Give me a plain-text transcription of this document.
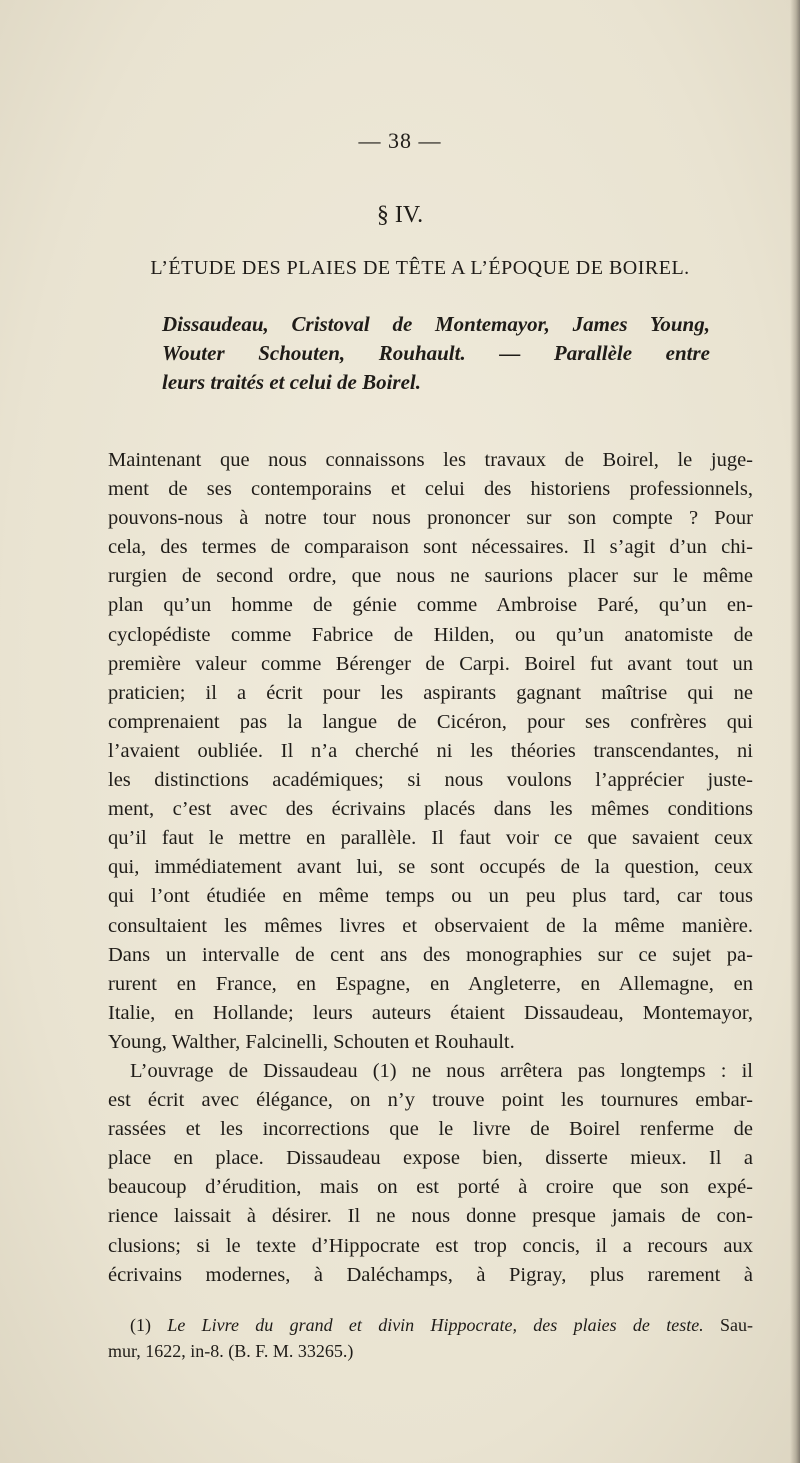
— 38 —
§ IV.
L’ÉTUDE DES PLAIES DE TÊTE A L’ÉPOQUE DE BOIREL.
Dissaudeau, Cristoval de Montemayor, James Young,
Wouter Schouten, Rouhault. — Parallèle entre
leurs traités et celui de Boirel.
Maintenant que nous connaissons les travaux de Boirel, le juge-
ment de ses contemporains et celui des historiens professionnels,
pouvons-nous à notre tour nous prononcer sur son compte ? Pour
cela, des termes de comparaison sont nécessaires. Il s’agit d’un chi-
rurgien de second ordre, que nous ne saurions placer sur le même
plan qu’un homme de génie comme Ambroise Paré, qu’un en-
cyclopédiste comme Fabrice de Hilden, ou qu’un anatomiste de
première valeur comme Bérenger de Carpi. Boirel fut avant tout un
praticien; il a écrit pour les aspirants gagnant maîtrise qui ne
comprenaient pas la langue de Cicéron, pour ses confrères qui
l’avaient oubliée. Il n’a cherché ni les théories transcendantes, ni
les distinctions académiques; si nous voulons l’apprécier juste-
ment, c’est avec des écrivains placés dans les mêmes conditions
qu’il faut le mettre en parallèle. Il faut voir ce que savaient ceux
qui, immédiatement avant lui, se sont occupés de la question, ceux
qui l’ont étudiée en même temps ou un peu plus tard, car tous
consultaient les mêmes livres et observaient de la même manière.
Dans un intervalle de cent ans des monographies sur ce sujet pa-
rurent en France, en Espagne, en Angleterre, en Allemagne, en
Italie, en Hollande; leurs auteurs étaient Dissaudeau, Montemayor,
Young, Walther, Falcinelli, Schouten et Rouhault.
L’ouvrage de Dissaudeau (1) ne nous arrêtera pas longtemps : il
est écrit avec élégance, on n’y trouve point les tournures embar-
rassées et les incorrections que le livre de Boirel renferme de
place en place. Dissaudeau expose bien, disserte mieux. Il a
beaucoup d’érudition, mais on est porté à croire que son expé-
rience laissait à désirer. Il ne nous donne presque jamais de con-
clusions; si le texte d’Hippocrate est trop concis, il a recours aux
écrivains modernes, à Daléchamps, à Pigray, plus rarement à
(1) Le Livre du grand et divin Hippocrate, des plaies de teste. Sau-
mur, 1622, in-8. (B. F. M. 33265.)
